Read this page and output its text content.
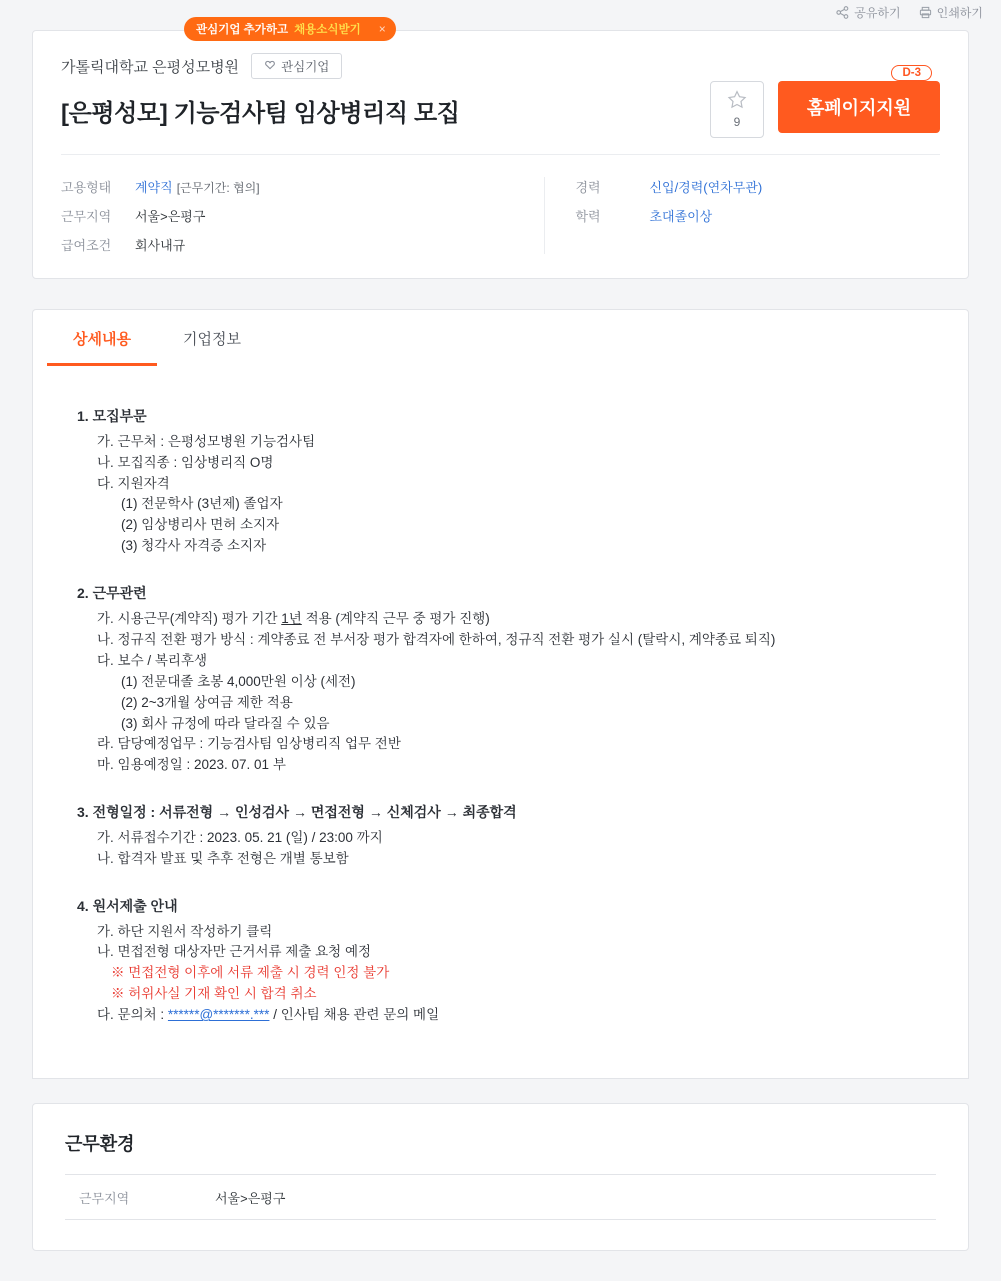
공유하기	인쇄하기
관심기업 추가하고 채용소식받기 ×
가톨릭대학교 은평성모병원	관심기업
[은평성모] 기능검사팀 임상병리직 모집	9
D-3
홈페이지지원
고용형태	계약직 [근무기간: 협의]
근무지역	서울>은평구
급여조건	회사내규
경력	신입/경력(연차무관)
학력	초대졸이상
상세내용	기업정보
1. 모집부문
가. 근무처 : 은평성모병원 기능검사팀
나. 모집직종 : 임상병리직 O명
다. 지원자격
(1) 전문학사 (3년제) 졸업자
(2) 임상병리사 면허 소지자
(3) 청각사 자격증 소지자
2. 근무관련
가. 시용근무(계약직) 평가 기간 1년 적용 (계약직 근무 중 평가 진행)
나. 정규직 전환 평가 방식 : 계약종료 전 부서장 평가 합격자에 한하여, 정규직 전환 평가 실시 (탈락시, 계약종료 퇴직)
다. 보수 / 복리후생
(1) 전문대졸 초봉 4,000만원 이상 (세전)
(2) 2~3개월 상여금 제한 적용
(3) 회사 규정에 따라 달라질 수 있음
라. 담당예정업무 : 기능검사팀 임상병리직 업무 전반
마. 임용예정일 : 2023. 07. 01 부
3. 전형일정 : 서류전형 → 인성검사 → 면접전형 → 신체검사 → 최종합격
가. 서류접수기간 : 2023. 05. 21 (일) / 23:00 까지
나. 합격자 발표 및 추후 전형은 개별 통보함
4. 원서제출 안내
가. 하단 지원서 작성하기 클릭
나. 면접전형 대상자만 근거서류 제출 요청 예정
※ 면접전형 이후에 서류 제출 시 경력 인정 불가
※ 허위사실 기재 확인 시 합격 취소
다. 문의처 : ******@*******.*** / 인사팀 채용 관련 문의 메일
근무환경
근무지역	서울>은평구
